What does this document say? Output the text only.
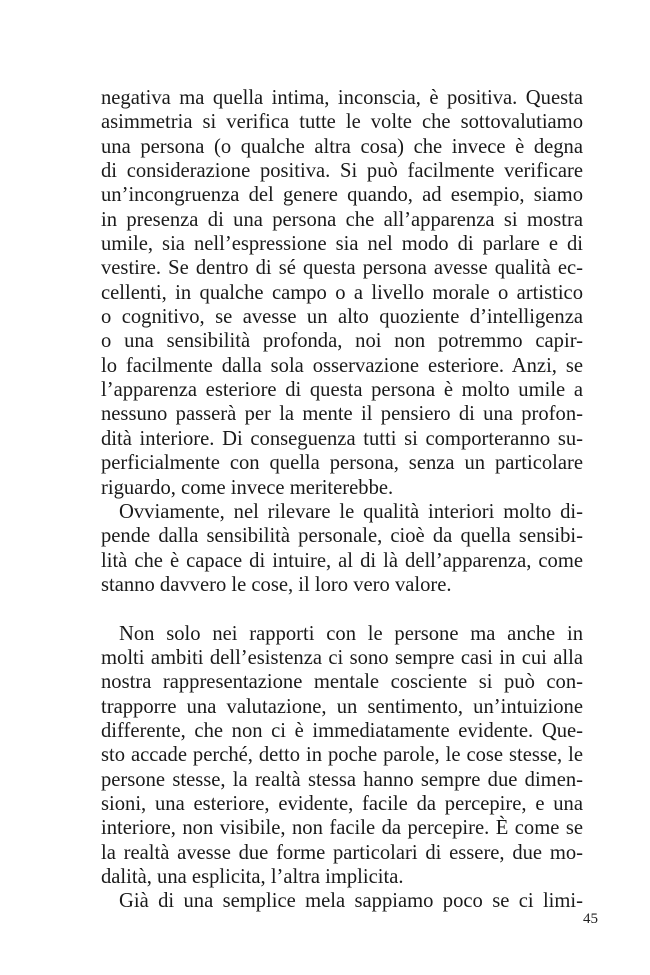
negativa ma quella intima, inconscia, è positiva. Questa
asimmetria si verifica tutte le volte che sottovalutiamo
una persona (o qualche altra cosa) che invece è degna
di considerazione positiva. Si può facilmente verificare
un’incongruenza del genere quando, ad esempio, siamo
in presenza di una persona che all’apparenza si mostra
umile, sia nell’espressione sia nel modo di parlare e di
vestire. Se dentro di sé questa persona avesse qualità ec-
cellenti, in qualche campo o a livello morale o artistico
o cognitivo, se avesse un alto quoziente d’intelligenza
o una sensibilità profonda, noi non potremmo capir-
lo facilmente dalla sola osservazione esteriore. Anzi, se
l’apparenza esteriore di questa persona è molto umile a
nessuno passerà per la mente il pensiero di una profon-
dità interiore. Di conseguenza tutti si comporteranno su-
perficialmente con quella persona, senza un particolare
riguardo, come invece meriterebbe.
Ovviamente, nel rilevare le qualità interiori molto di-
pende dalla sensibilità personale, cioè da quella sensibi-
lità che è capace di intuire, al di là dell’apparenza, come
stanno davvero le cose, il loro vero valore.
Non solo nei rapporti con le persone ma anche in
molti ambiti dell’esistenza ci sono sempre casi in cui alla
nostra rappresentazione mentale cosciente si può con-
trapporre una valutazione, un sentimento, un’intuizione
differente, che non ci è immediatamente evidente. Que-
sto accade perché, detto in poche parole, le cose stesse, le
persone stesse, la realtà stessa hanno sempre due dimen-
sioni, una esteriore, evidente, facile da percepire, e una
interiore, non visibile, non facile da percepire. È come se
la realtà avesse due forme particolari di essere, due mo-
dalità, una esplicita, l’altra implicita.
Già di una semplice mela sappiamo poco se ci limi-
45
